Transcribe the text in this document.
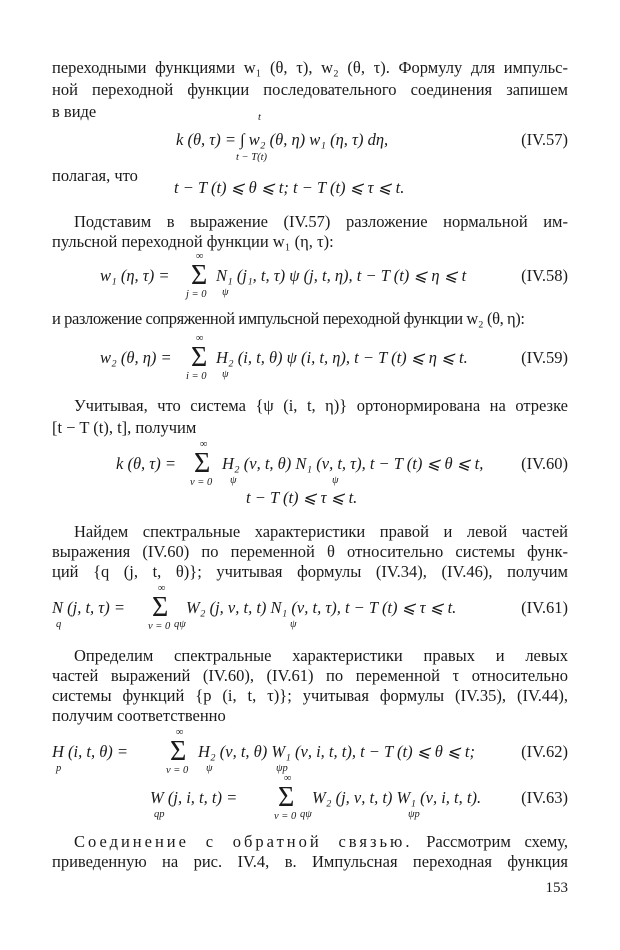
переходными функциями w₁ (θ, τ), w₂ (θ, τ). Формулу для импульс-
ной переходной функции последовательного соединения запишем
в виде	t
t − T(t)
k (θ, τ) = ∫ w₂ (θ, η) w₁ (η, τ) dη,	(IV.57)
полагая, что
t − T (t) ⩽ θ ⩽ t; t − T (t) ⩽ τ ⩽ t.
Подставим в выражение (IV.57) разложение нормальной им-
пульсной переходной функции w₁ (η, τ):
w₁ (η, τ) =
∞
Σ
j = 0 ψ
N₁ (j₁, t, τ) ψ (j, t, η), t − T (t) ⩽ η ⩽ t	(IV.58)
и разложение сопряженной импульсной переходной функции w₂ (θ, η):
w₂ (θ, η) =
∞
Σ
i = 0 ψ
H₂ (i, t, θ) ψ (i, t, η), t − T (t) ⩽ η ⩽ t.	(IV.59)
Учитывая, что система {ψ (i, t, η)} ортонормирована на отрезке
[t − T (t), t], получим
k (θ, τ) =
∞
Σ
ν = 0 ψ	ψ
H₂ (ν, t, θ) N₁ (ν, t, τ), t − T (t) ⩽ θ ⩽ t, (IV.60)
t − T (t) ⩽ τ ⩽ t.
Найдем спектральные характеристики правой и левой частей
выражения (IV.60) по переменной θ относительно системы функ-
ций {q (j, t, θ)}; учитывая формулы (IV.34), (IV.46), получим
N (j, t, τ) =
q
∞
Σ
ν = 0 qψ	ψ
W₂ (j, ν, t, t) N₁ (ν, t, τ), t − T (t) ⩽ τ ⩽ t.	(IV.61)
Определим спектральные характеристики правых и левых
частей выражений (IV.60), (IV.61) по переменной τ относительно
системы функций {p (i, t, τ)}; учитывая формулы (IV.35), (IV.44),
получим соответственно
H (i, t, θ) =
p
∞
Σ
ν = 0 ψ	ψp
H₂ (ν, t, θ) W₁ (ν, i, t, t), t − T (t) ⩽ θ ⩽ t;	(IV.62)
W (j, i, t, t) =
qp
∞
Σ
ν = 0 qψ	ψp
W₂ (j, ν, t, t) W₁ (ν, i, t, t). (IV.63)
Соединение с обратной связью. Рассмотрим схему,
приведенную на рис. IV.4, в. Импульсная переходная функция
153
